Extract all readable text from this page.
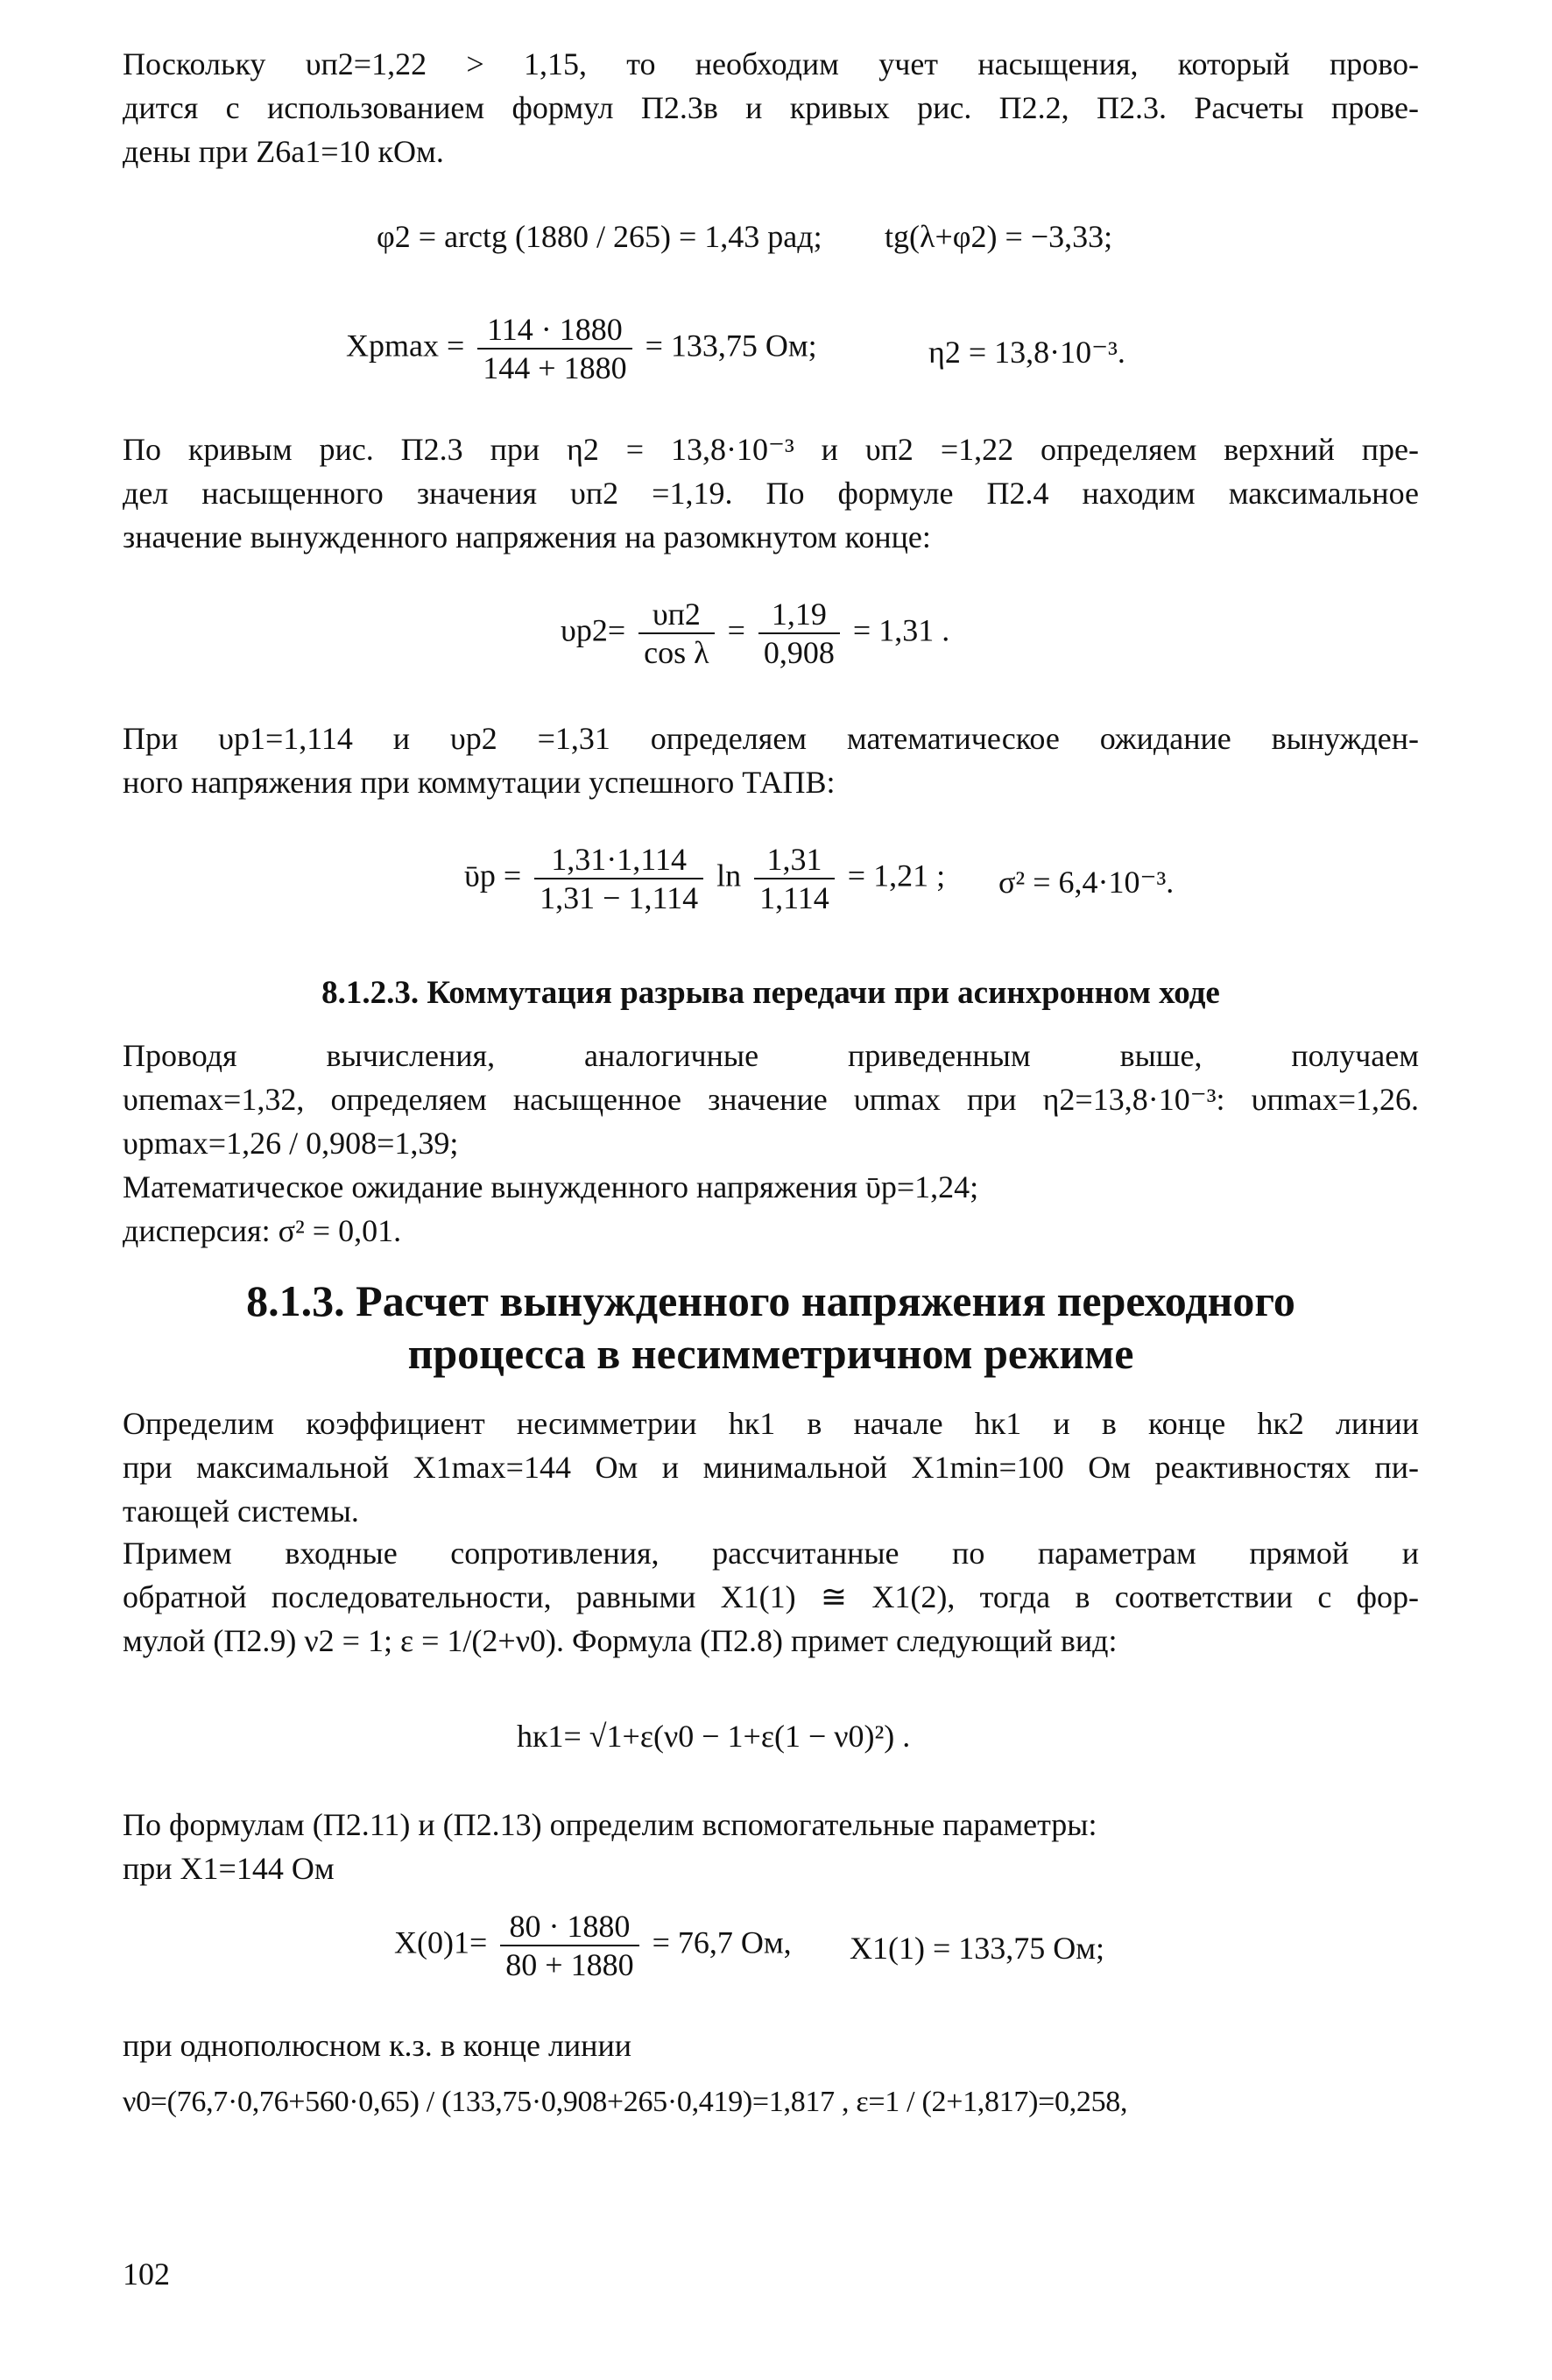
Поскольку υп2=1,22 > 1,15, то необходим учет насыщения, который прово-
дится с использованием формул П2.3в и кривых рис. П2.2, П2.3. Расчеты прове-
дены при Z6a1=10 кОм.
φ2 = arctg (1880 / 265) = 1,43 рад; tg(λ+φ2) = −3,33;
$Xpmax = \frac{114 \cdot 1880}{144 + 1880} = 133,75$ Ом;	η2 = 13,8·10⁻³.
По кривым рис. П2.3 при η2 = 13,8·10⁻³ и υп2 =1,22 определяем верхний пре-
дел насыщенного значения υп2 =1,19. По формуле П2.4 находим максимальное
значение вынужденного напряжения на разомкнутом конце:
$\upsilon p2= \frac{\upsilon п2}{\text{cos λ}} = \frac{1,19}{0,908} = 1,31$ .
При υp1=1,114 и υp2 =1,31 определяем математическое ожидание вынужден-
ного напряжения при коммутации успешного ТАПВ:
ῡp = $\frac{1,31\cdot 1,114}{1,31 - 1,114}$ $\ln \frac{1,31}{1,114} = 1,21$ ; σ² = 6,4·10⁻³.
8.1.2.3. Коммутация разрыва передачи при асинхронном ходе
Проводя вычисления, аналогичные приведенным выше, получаем
υпemax=1,32, определяем насыщенное значение υпmax при η2=13,8·10⁻³: υпmax=1,26.
υpmax=1,26 / 0,908=1,39;
Математическое ожидание вынужденного напряжения ῡp=1,24;
дисперсия: σ² = 0,01.
8.1.3. Расчет вынужденного напряжения переходного
процесса в несимметричном режиме
Определим коэффициент несимметрии hк1 в начале hк1 и в конце hк2 линии
при максимальной X1max=144 Ом и минимальной X1min=100 Ом реактивностях пи-
тающей системы.
Примем входные сопротивления, рассчитанные по параметрам прямой и
обратной последовательности, равными X1(1) ≅ X1(2), тогда в соответствии с фор-
мулой (П2.9) ν2 = 1; ε = 1/(2+ν0). Формула (П2.8) примет следующий вид:
hк1= √1+ε(ν0 − 1+ε(1 − ν0)²) .
По формулам (П2.11) и (П2.13) определим вспомогательные параметры:
при X1=144 Ом
$X(0)1= \frac{80 \cdot 1880}{80 + 1880} = 76,7$ Ом, X1(1) = 133,75 Ом;
при однополюсном к.з. в конце линии
ν0=(76,7·0,76+560·0,65) / (133,75·0,908+265·0,419)=1,817 , ε=1 / (2+1,817)=0,258,
102
